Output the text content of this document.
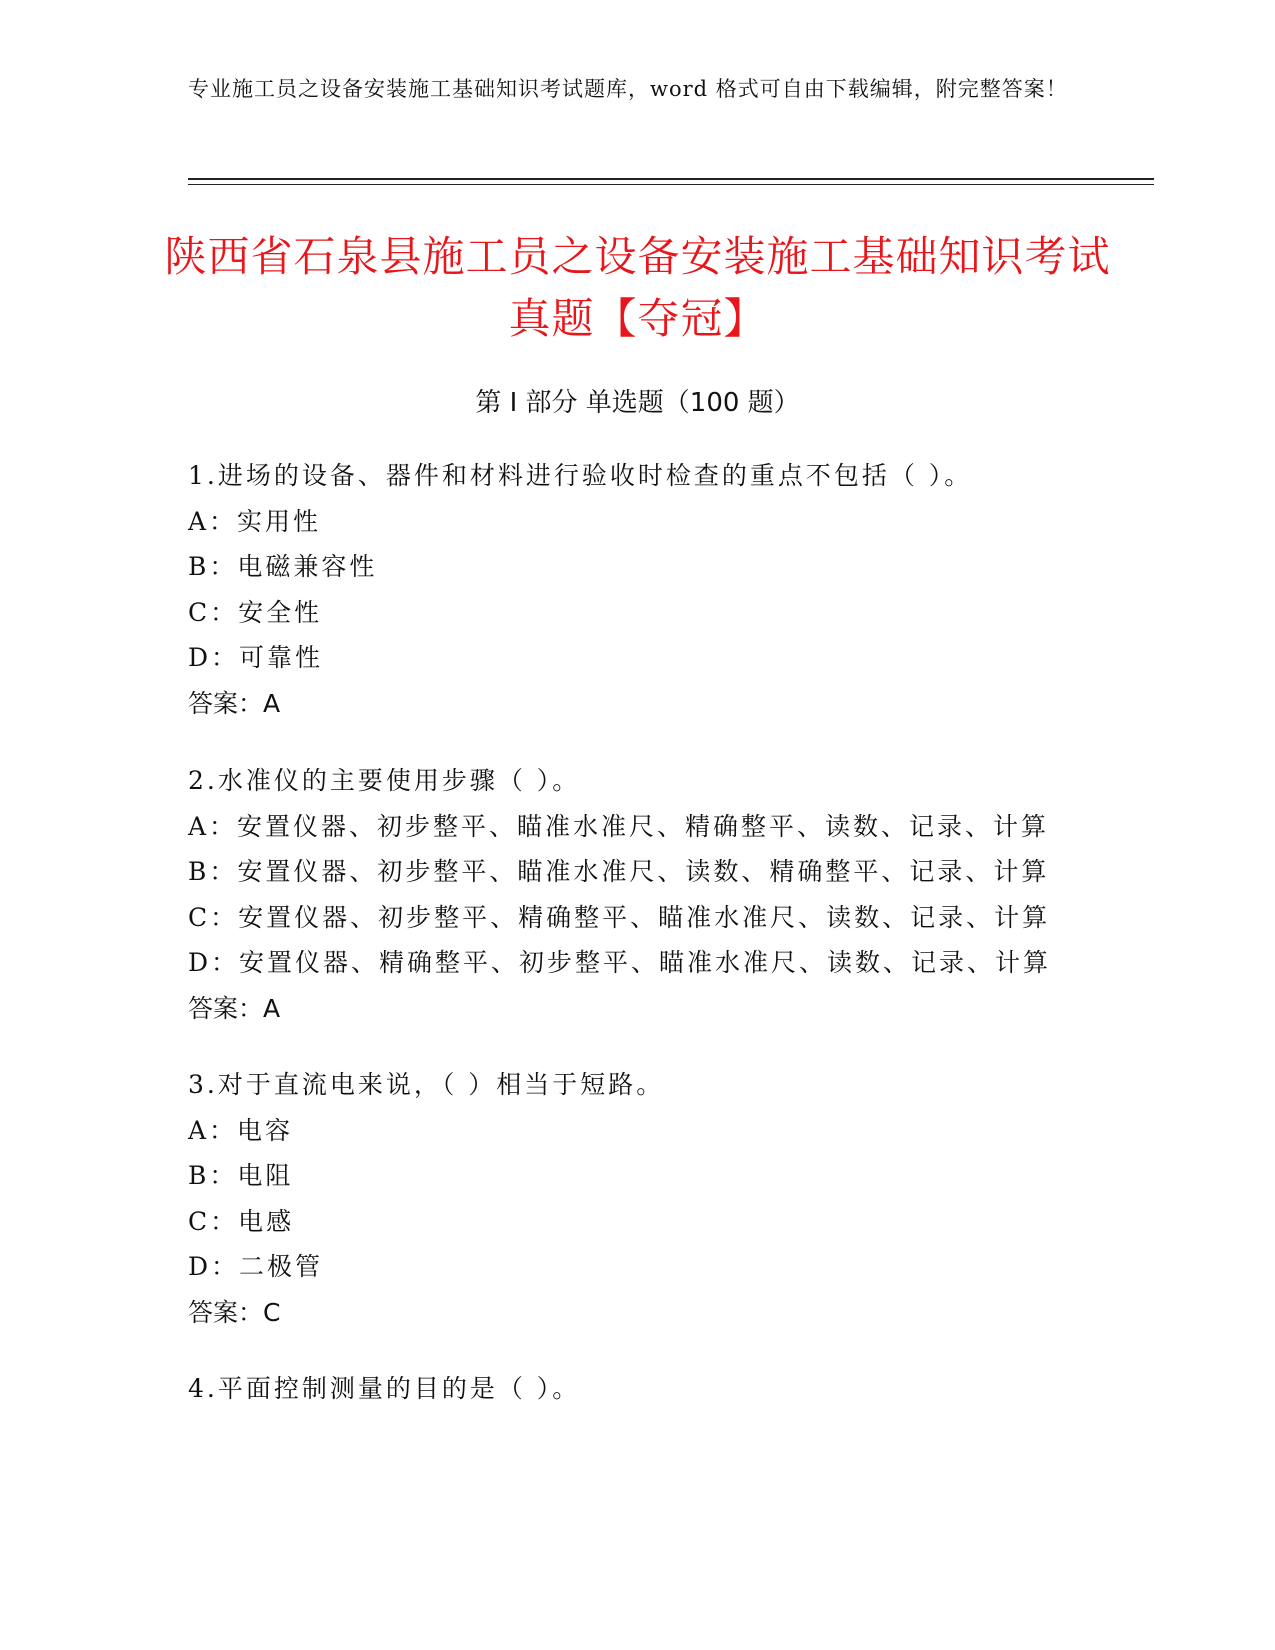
专业施工员之设备安装施工基础知识考试题库，word 格式可自由下载编辑，附完整答案！
陕西省石泉县施工员之设备安装施工基础知识考试真题【夺冠】
第 I 部分 单选题（100 题）
1.进场的设备、器件和材料进行验收时检查的重点不包括（ ）。
A：实用性
B：电磁兼容性
C：安全性
D：可靠性
答案：A
2.水准仪的主要使用步骤（ ）。
A：安置仪器、初步整平、瞄准水准尺、精确整平、读数、记录、计算
B：安置仪器、初步整平、瞄准水准尺、读数、精确整平、记录、计算
C：安置仪器、初步整平、精确整平、瞄准水准尺、读数、记录、计算
D：安置仪器、精确整平、初步整平、瞄准水准尺、读数、记录、计算
答案：A
3.对于直流电来说，（ ）相当于短路。
A：电容
B：电阻
C：电感
D：二极管
答案：C
4.平面控制测量的目的是（ ）。
